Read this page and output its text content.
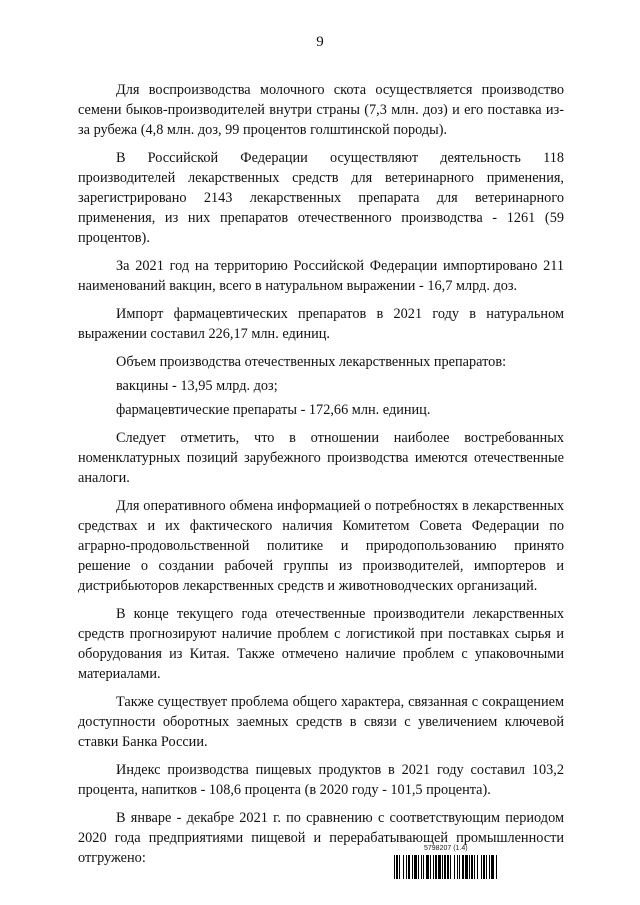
9

Для воспроизводства молочного скота осуществляется производство семени быков-производителей внутри страны (7,3 млн. доз) и его поставка из-за рубежа (4,8 млн. доз, 99 процентов голштинской породы).

В Российской Федерации осуществляют деятельность 118 производителей лекарственных средств для ветеринарного применения, зарегистрировано 2143 лекарственных препарата для ветеринарного применения, из них препаратов отечественного производства - 1261 (59 процентов).

За 2021 год на территорию Российской Федерации импортировано 211 наименований вакцин, всего в натуральном выражении - 16,7 млрд. доз.

Импорт фармацевтических препаратов в 2021 году в натуральном выражении составил 226,17 млн. единиц.

Объем производства отечественных лекарственных препаратов:

вакцины - 13,95 млрд. доз;

фармацевтические препараты - 172,66 млн. единиц.

Следует отметить, что в отношении наиболее востребованных номенклатурных позиций зарубежного производства имеются отечественные аналоги.

Для оперативного обмена информацией о потребностях в лекарственных средствах и их фактического наличия Комитетом Совета Федерации по аграрно-продовольственной политике и природопользованию принято решение о создании рабочей группы из производителей, импортеров и дистрибьюторов лекарственных средств и животноводческих организаций.

В конце текущего года отечественные производители лекарственных средств прогнозируют наличие проблем с логистикой при поставках сырья и оборудования из Китая. Также отмечено наличие проблем с упаковочными материалами.

Также существует проблема общего характера, связанная с сокращением доступности оборотных заемных средств в связи с увеличением ключевой ставки Банка России.

Индекс производства пищевых продуктов в 2021 году составил 103,2 процента, напитков - 108,6 процента (в 2020 году - 101,5 процента).

В январе - декабре 2021 г. по сравнению с соответствующим периодом 2020 года предприятиями пищевой и перерабатывающей промышленности отгружено:

5798207 (1.4)
